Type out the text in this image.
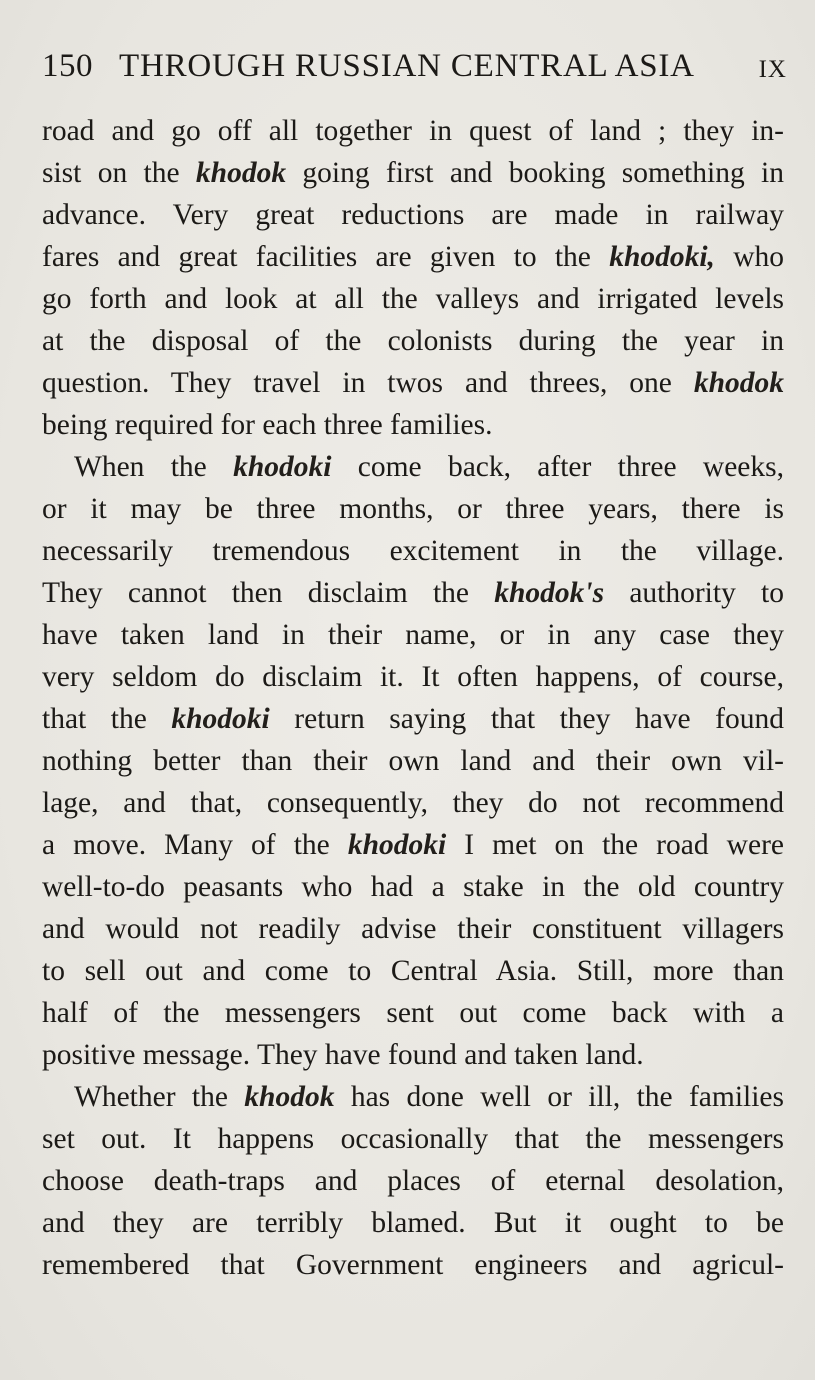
150 THROUGH RUSSIAN CENTRAL ASIA	IX
road and go off all together in quest of land ; they in-
sist on the khodok going first and booking something in
advance. Very great reductions are made in railway
fares and great facilities are given to the khodoki, who
go forth and look at all the valleys and irrigated levels
at the disposal of the colonists during the year in
question. They travel in twos and threes, one khodok
being required for each three families.
When the khodoki come back, after three weeks,
or it may be three months, or three years, there is
necessarily tremendous excitement in the village.
They cannot then disclaim the khodok's authority to
have taken land in their name, or in any case they
very seldom do disclaim it. It often happens, of course,
that the khodoki return saying that they have found
nothing better than their own land and their own vil-
lage, and that, consequently, they do not recommend
a move. Many of the khodoki I met on the road were
well-to-do peasants who had a stake in the old country
and would not readily advise their constituent villagers
to sell out and come to Central Asia. Still, more than
half of the messengers sent out come back with a
positive message. They have found and taken land.
Whether the khodok has done well or ill, the families
set out. It happens occasionally that the messengers
choose death-traps and places of eternal desolation,
and they are terribly blamed. But it ought to be
remembered that Government engineers and agricul-
